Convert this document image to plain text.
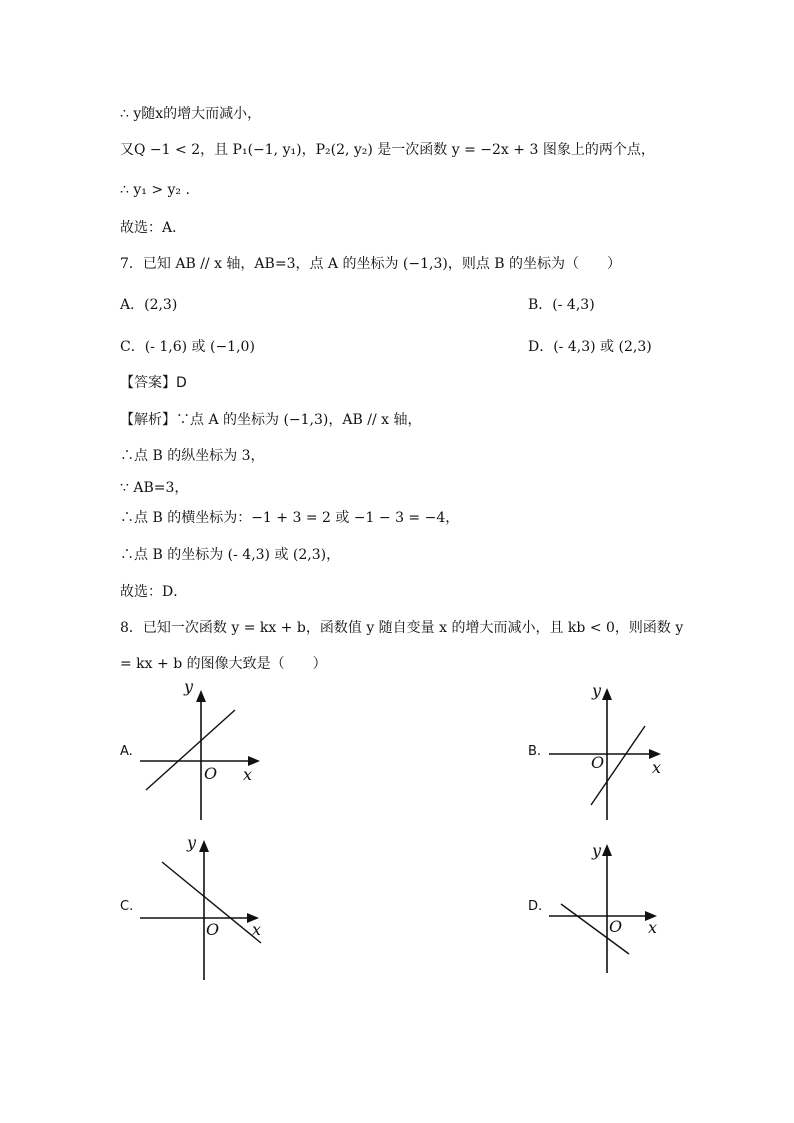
∴ y随x的增大而减小，
又Q −1 < 2，且 P₁(−1, y₁)，P₂(2, y₂) 是一次函数 y = −2x + 3 图象上的两个点，
∴ y₁ > y₂ .
故选：A．
7．已知 AB // x 轴，AB=3，点 A 的坐标为 (−1,3)，则点 B 的坐标为（　　）
A．(2,3)	B．(- 4,3)
C．(- 1,6) 或 (−1,0)	D．(- 4,3) 或 (2,3)
【答案】D
【解析】∵点 A 的坐标为 (−1,3)，AB // x 轴，
∴点 B 的纵坐标为 3，
∵ AB=3，
∴点 B 的横坐标为：−1 + 3 = 2 或 −1 − 3 = −4，
∴点 B 的坐标为 (- 4,3) 或 (2,3)，
故选：D．
8．已知一次函数 y = kx + b，函数值 y 随自变量 x 的增大而减小，且 kb < 0，则函数 y
= kx + b 的图像大致是（　　）
A.
y
x
O
B.
y
x
O
C.
y
x
O
D.
y
x
O
